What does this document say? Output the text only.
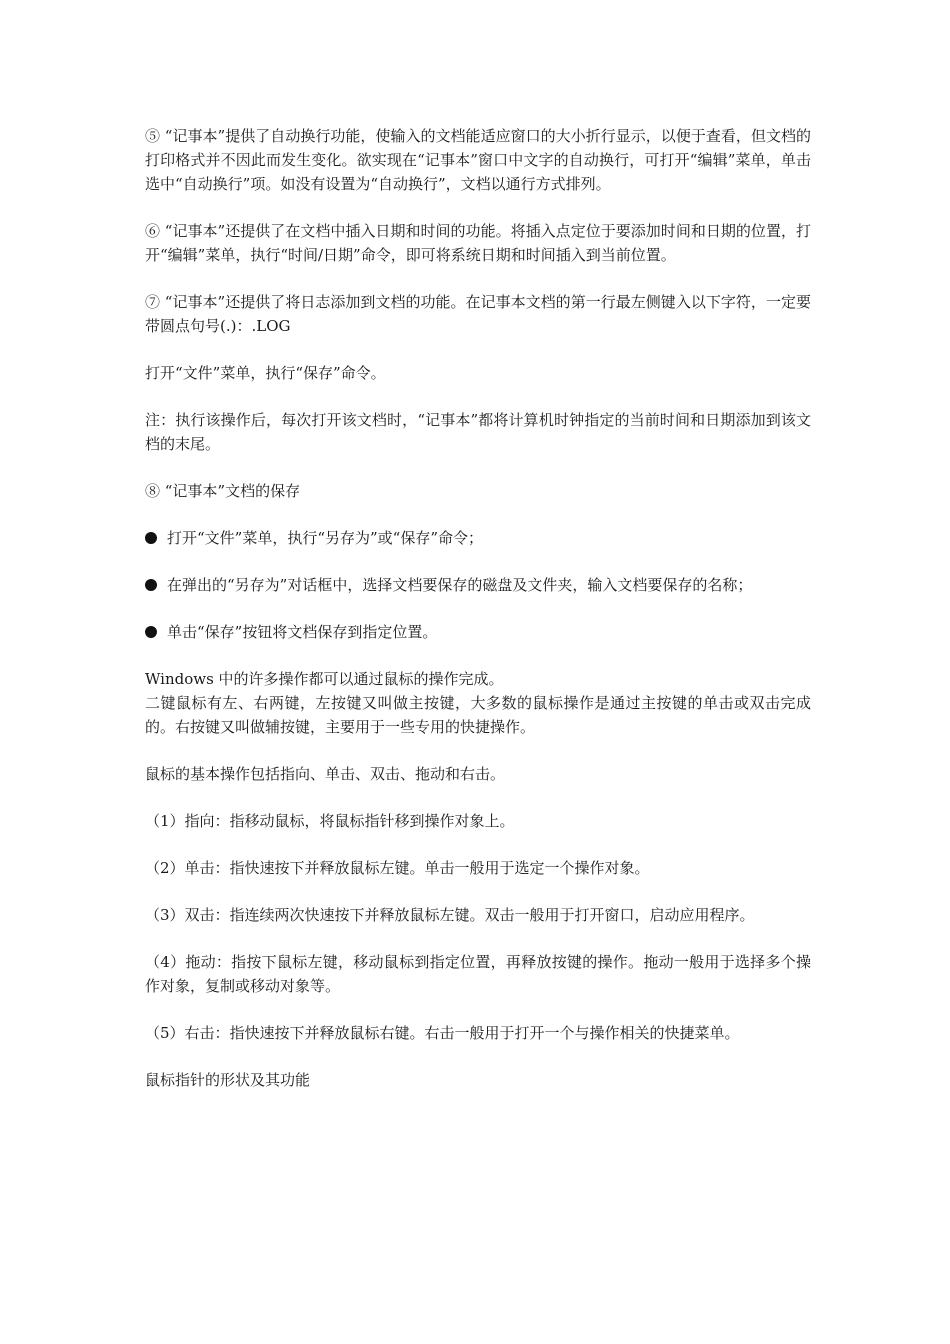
⑤ “记事本”提供了自动换行功能，使输入的文档能适应窗口的大小折行显示，以便于查看，但文档的打印格式并不因此而发生变化。欲实现在“记事本”窗口中文字的自动换行，可打开“编辑”菜单，单击选中“自动换行”项。如没有设置为“自动换行”，文档以通行方式排列。

⑥ “记事本”还提供了在文档中插入日期和时间的功能。将插入点定位于要添加时间和日期的位置，打开“编辑”菜单，执行“时间/日期”命令，即可将系统日期和时间插入到当前位置。

⑦ “记事本”还提供了将日志添加到文档的功能。在记事本文档的第一行最左侧键入以下字符，一定要带圆点句号(.)：.LOG

打开“文件”菜单，执行“保存”命令。

注：执行该操作后，每次打开该文档时，“记事本”都将计算机时钟指定的当前时间和日期添加到该文档的末尾。

⑧ “记事本”文档的保存

打开“文件”菜单，执行“另存为”或“保存”命令；

在弹出的“另存为”对话框中，选择文档要保存的磁盘及文件夹，输入文档要保存的名称；

单击“保存”按钮将文档保存到指定位置。

Windows 中的许多操作都可以通过鼠标的操作完成。

二键鼠标有左、右两键，左按键又叫做主按键，大多数的鼠标操作是通过主按键的单击或双击完成的。右按键又叫做辅按键，主要用于一些专用的快捷操作。

鼠标的基本操作包括指向、单击、双击、拖动和右击。

（1）指向：指移动鼠标，将鼠标指针移到操作对象上。

（2）单击：指快速按下并释放鼠标左键。单击一般用于选定一个操作对象。

（3）双击：指连续两次快速按下并释放鼠标左键。双击一般用于打开窗口，启动应用程序。

（4）拖动：指按下鼠标左键，移动鼠标到指定位置，再释放按键的操作。拖动一般用于选择多个操作对象，复制或移动对象等。

（5）右击：指快速按下并释放鼠标右键。右击一般用于打开一个与操作相关的快捷菜单。

鼠标指针的形状及其功能
